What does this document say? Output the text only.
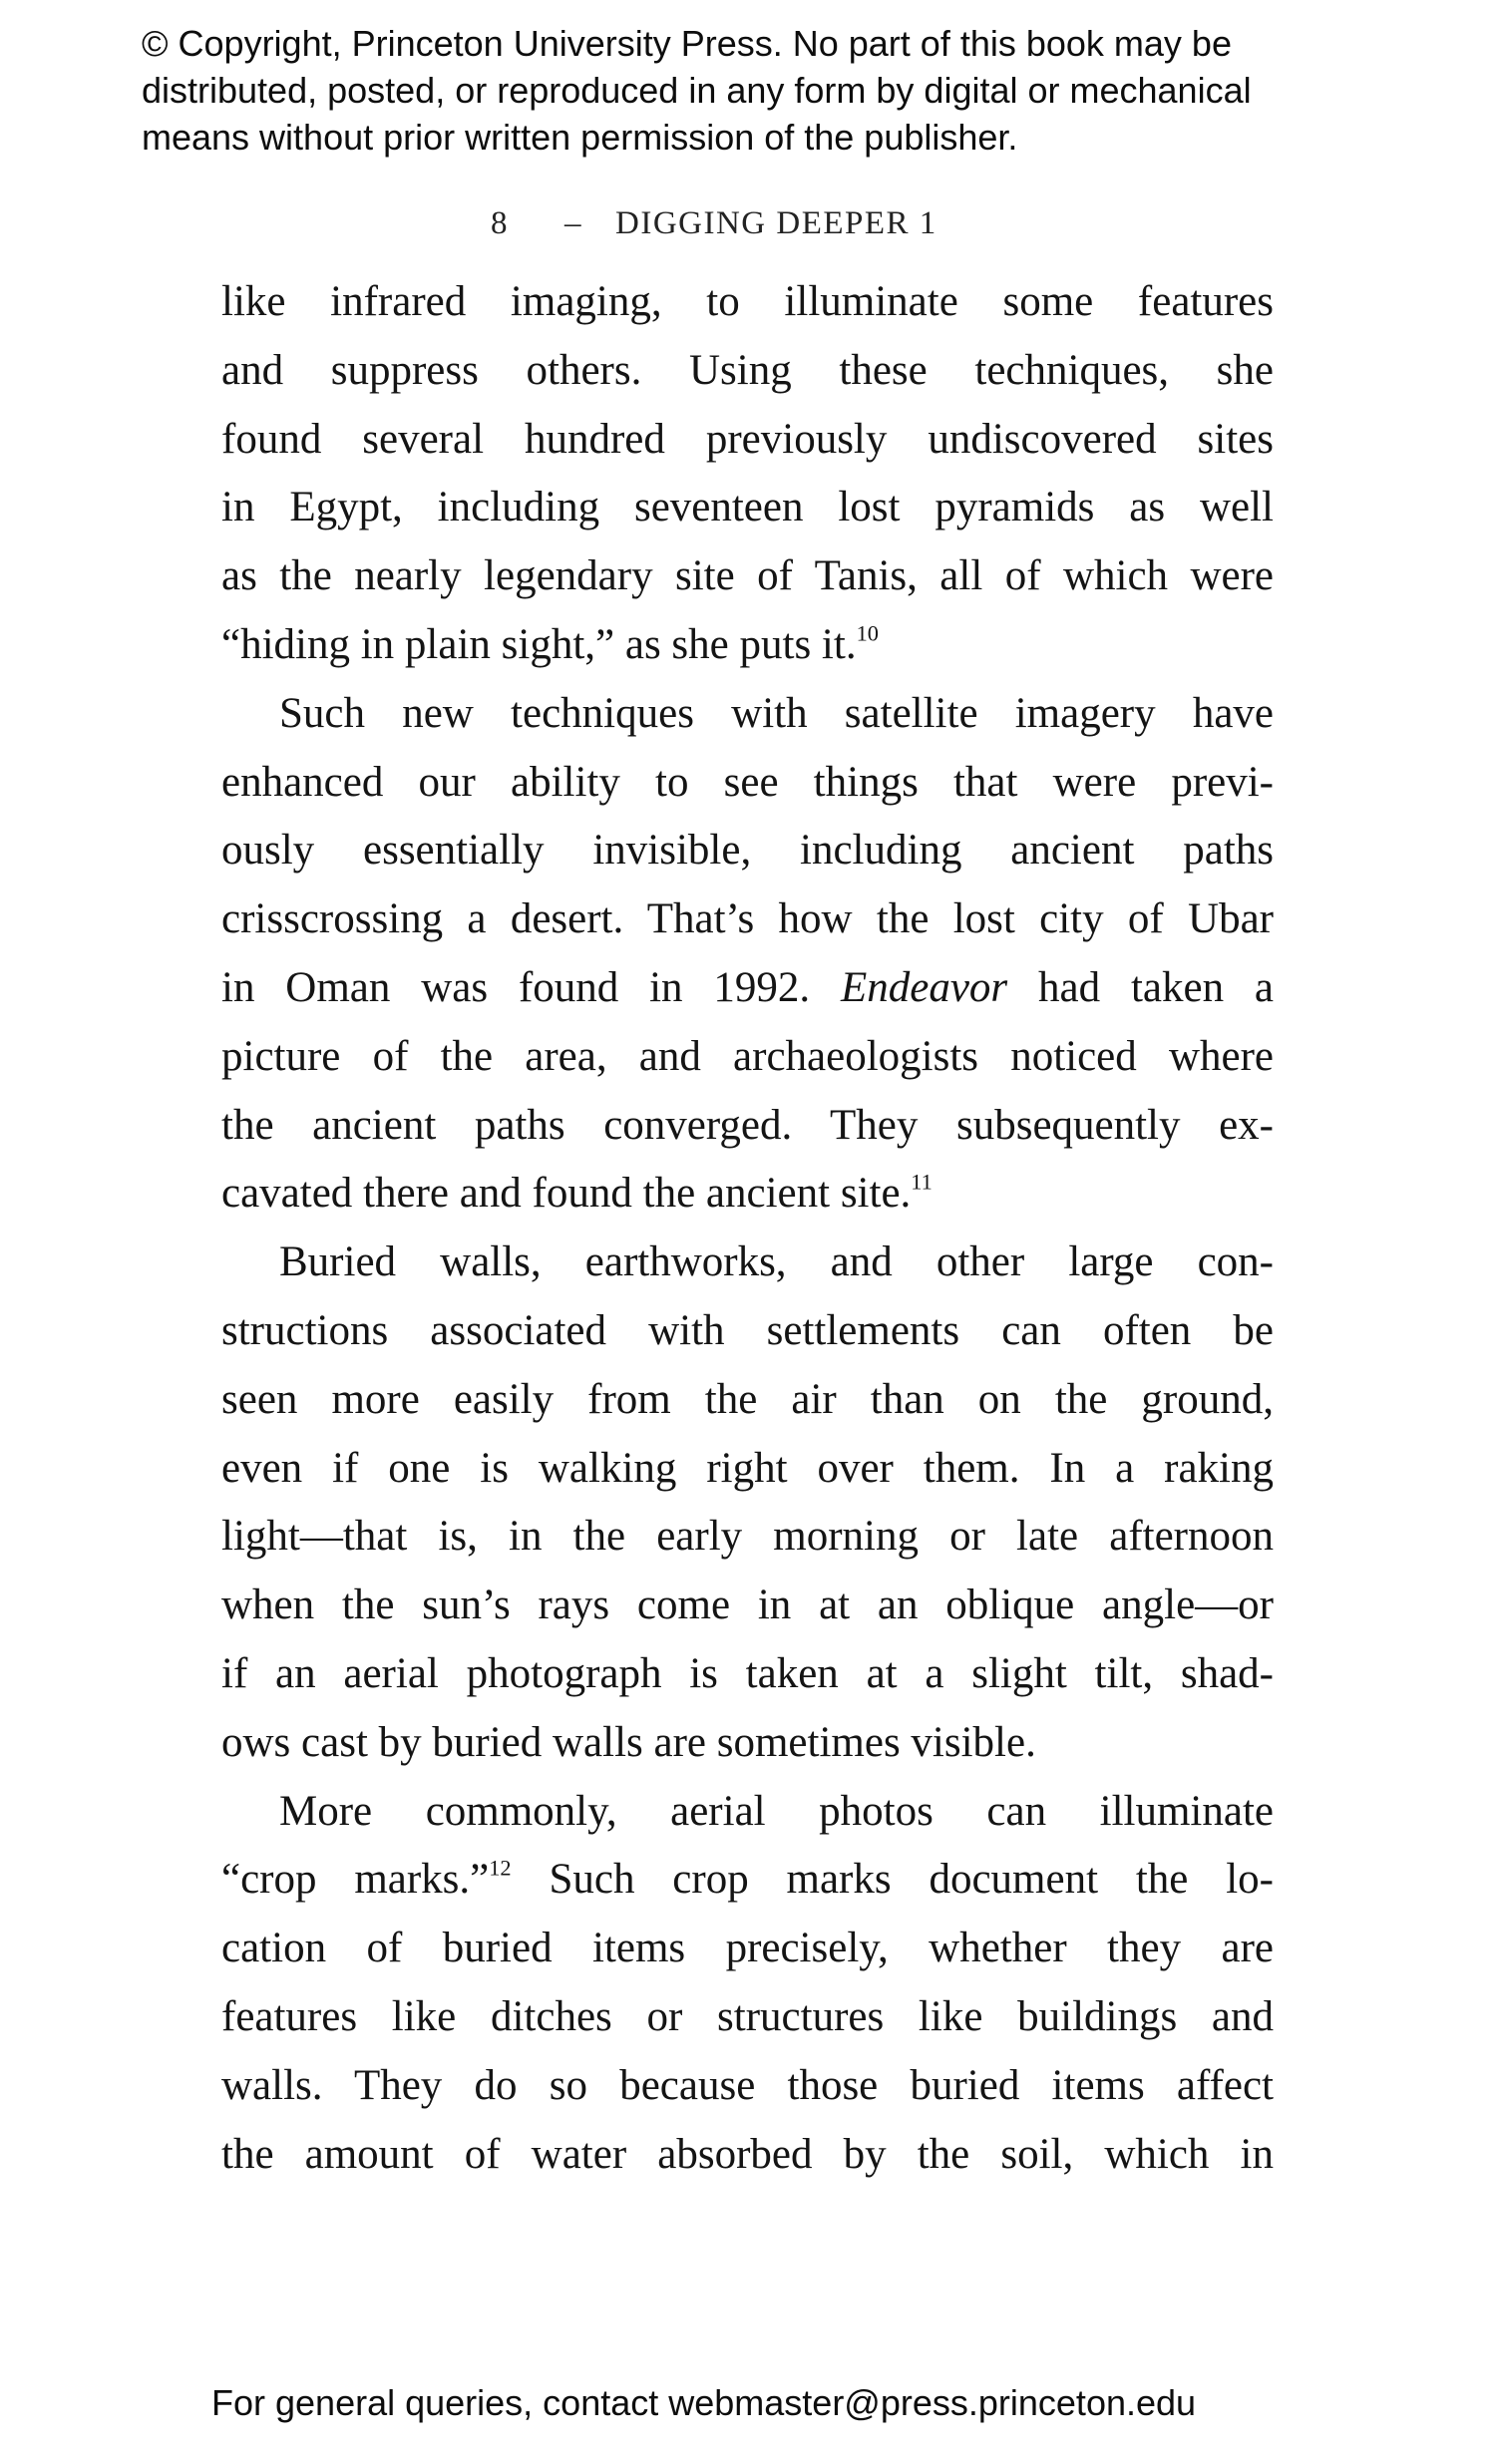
© Copyright, Princeton University Press. No part of this book may be
distributed, posted, or reproduced in any form by digital or mechanical
means without prior written permission of the publisher.
8 – DIGGING DEEPER 1
like infrared imaging, to illuminate some features
and suppress others. Using these techniques, she
found several hundred previously undiscovered sites
in Egypt, including seventeen lost pyramids as well
as the nearly legendary site of Tanis, all of which were
“hiding in plain sight,” as she puts it.$^{10}$
Such new techniques with satellite imagery have
enhanced our ability to see things that were previ-
ously essentially invisible, including ancient paths
crisscrossing a desert. That’s how the lost city of Ubar
in Oman was found in 1992. Endeavor had taken a
picture of the area, and archaeologists noticed where
the ancient paths converged. They subsequently ex-
cavated there and found the ancient site.$^{11}$
Buried walls, earthworks, and other large con-
structions associated with settlements can often be
seen more easily from the air than on the ground,
even if one is walking right over them. In a raking
light—that is, in the early morning or late afternoon
when the sun’s rays come in at an oblique angle—or
if an aerial photograph is taken at a slight tilt, shad-
ows cast by buried walls are sometimes visible.
More commonly, aerial photos can illuminate
“crop marks.”$^{12}$ Such crop marks document the lo-
cation of buried items precisely, whether they are
features like ditches or structures like buildings and
walls. They do so because those buried items affect
the amount of water absorbed by the soil, which in
For general queries, contact webmaster@press.princeton.edu
